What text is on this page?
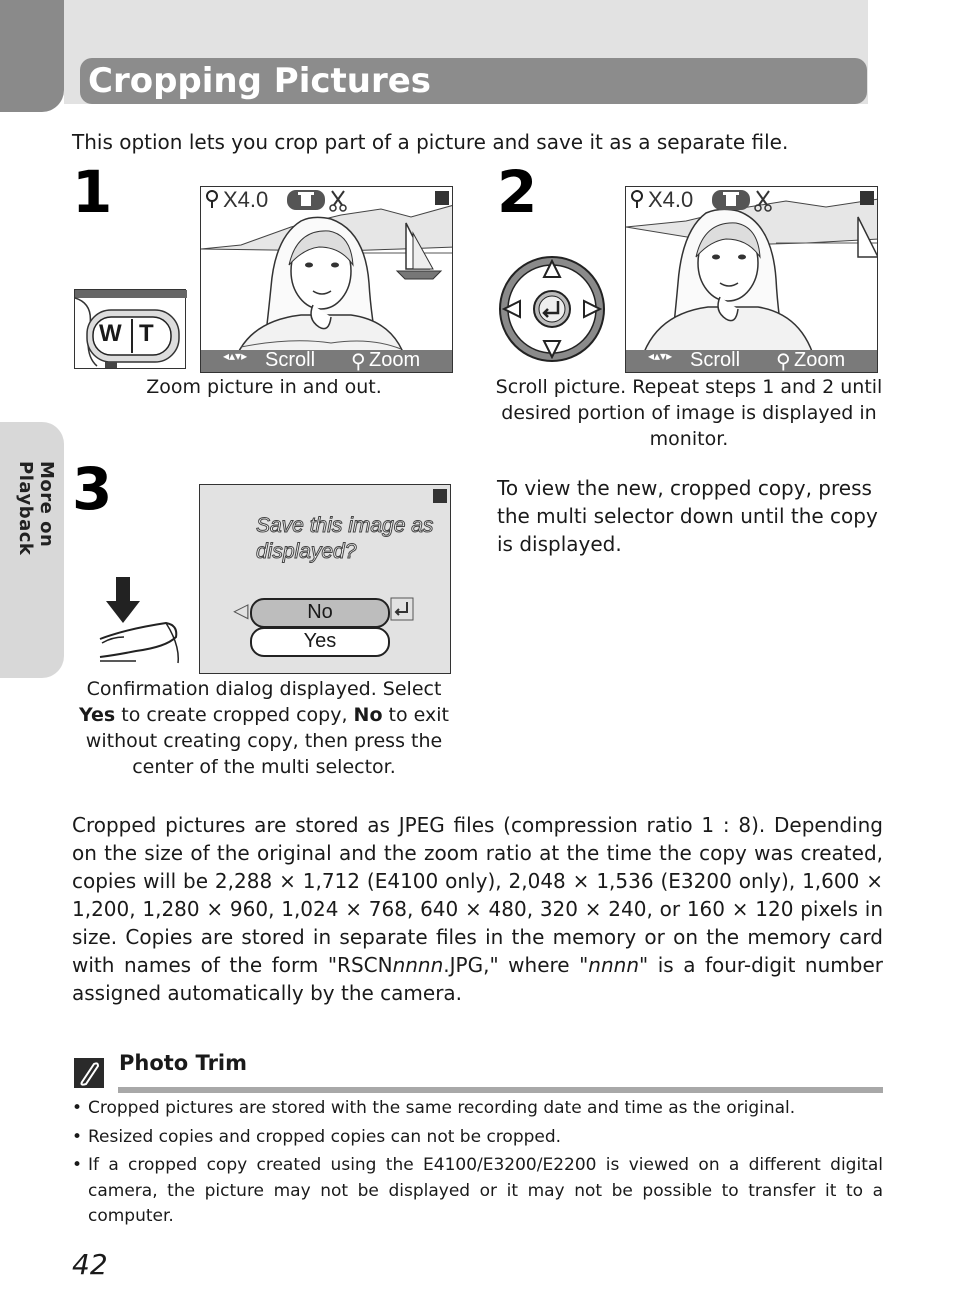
Cropping Pictures
More on Playback
This option lets you crop part of a picture and save it as a separate file.
1
W T
X4.0
◂▴▾▸ Scroll ⚲ Zoom
Zoom picture in and out.
2	X4.0
◂▴▾▸ Scroll ⚲ Zoom
Scroll picture. Repeat steps 1 and 2 until desired portion of image is displayed in monitor.
3
Save this image as
displayed?
◁	No
Yes
Confirmation dialog displayed. Select
Yes to create cropped copy, No to exit without creating copy, then press the center of the multi selector.
To view the new, cropped copy, press the multi selector down until the copy is displayed.
Cropped pictures are stored as JPEG files (compression ratio 1 : 8). Depending on the size of the original and the zoom ratio at the time the copy was created, copies will be 2,288 × 1,712 (E4100 only), 2,048 × 1,536 (E3200 only), 1,600 × 1,200, 1,280 × 960, 1,024 × 768, 640 × 480, 320 × 240, or 160 × 120 pixels in size. Copies are stored in separate files in the memory or on the memory card with names of the form "RSCNnnnn.JPG," where "nnnn" is a four-digit number assigned automatically by the camera.
Photo Trim
• Cropped pictures are stored with the same recording date and time as the original.
• Resized copies and cropped copies can not be cropped.
• If a cropped copy created using the E4100/E3200/E2200 is viewed on a different digital camera, the picture may not be displayed or it may not be possible to transfer it to a computer.
42
